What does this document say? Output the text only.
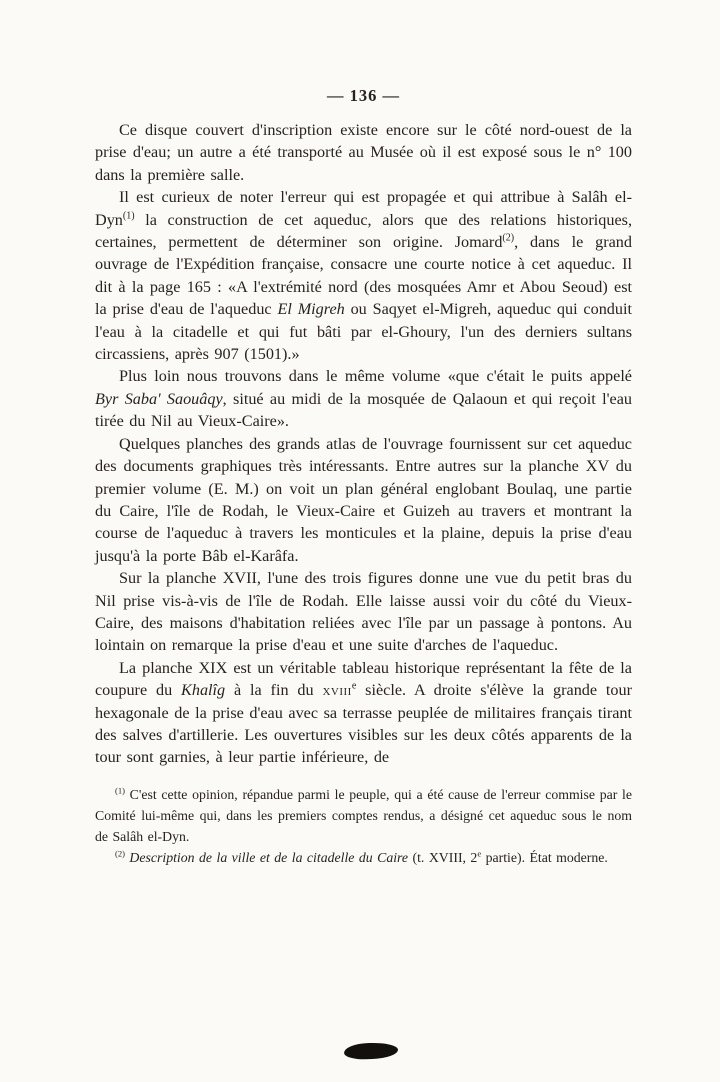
— 136 —

Ce disque couvert d'inscription existe encore sur le côté nord-ouest de la prise d'eau; un autre a été transporté au Musée où il est exposé sous le n° 100 dans la première salle.

Il est curieux de noter l'erreur qui est propagée et qui attribue à Salâh el-Dyn$^{(1)}$ la construction de cet aqueduc, alors que des relations historiques, certaines, permettent de déterminer son origine. Jomard$^{(2)}$, dans le grand ouvrage de l'Expédition française, consacre une courte notice à cet aqueduc. Il dit à la page 165 : «A l'extrémité nord (des mosquées Amr et Abou Seoud) est la prise d'eau de l'aqueduc El Migreh ou Saqyet el-Migreh, aqueduc qui conduit l'eau à la citadelle et qui fut bâti par el-Ghoury, l'un des derniers sultans circassiens, après 907 (1501).»

Plus loin nous trouvons dans le même volume «que c'était le puits appelé Byr Saba' Saouâqy, situé au midi de la mosquée de Qalaoun et qui reçoit l'eau tirée du Nil au Vieux-Caire».

Quelques planches des grands atlas de l'ouvrage fournissent sur cet aqueduc des documents graphiques très intéressants. Entre autres sur la planche XV du premier volume (E. M.) on voit un plan général englobant Boulaq, une partie du Caire, l'île de Rodah, le Vieux-Caire et Guizeh au travers et montrant la course de l'aqueduc à travers les monticules et la plaine, depuis la prise d'eau jusqu'à la porte Bâb el-Karâfa.

Sur la planche XVII, l'une des trois figures donne une vue du petit bras du Nil prise vis-à-vis de l'île de Rodah. Elle laisse aussi voir du côté du Vieux-Caire, des maisons d'habitation reliées avec l'île par un passage à pontons. Au lointain on remarque la prise d'eau et une suite d'arches de l'aqueduc.

La planche XIX est un véritable tableau historique représentant la fête de la coupure du Khalîg à la fin du xviii$^e$ siècle. A droite s'élève la grande tour hexagonale de la prise d'eau avec sa terrasse peuplée de militaires français tirant des salves d'artillerie. Les ouvertures visibles sur les deux côtés apparents de la tour sont garnies, à leur partie inférieure, de

$^{(1)}$ C'est cette opinion, répandue parmi le peuple, qui a été cause de l'erreur commise par le Comité lui-même qui, dans les premiers comptes rendus, a désigné cet aqueduc sous le nom de Salâh el-Dyn.

$^{(2)}$ Description de la ville et de la citadelle du Caire (t. XVIII, 2e partie). État moderne.
